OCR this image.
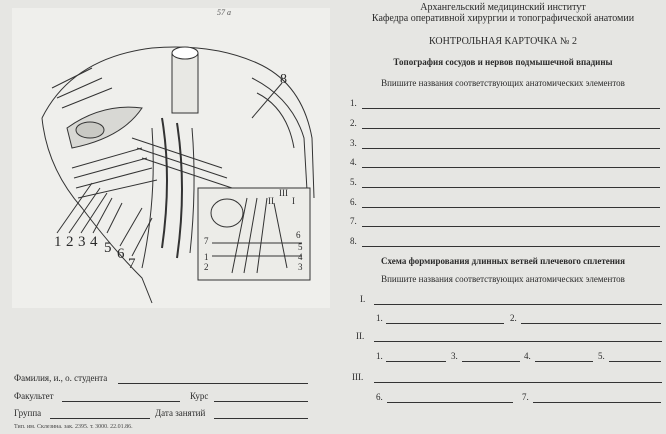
8
1 2 3 4 5 6
7
III
II I
6
5
4
3
7
1
2
57 а	Архангельский медицинский институт
Кафедра оперативной хирургии и топографической анатомии
КОНТРОЛЬНАЯ КАРТОЧКА № 2
Топография сосудов и нервов подмышечной впадины
Впишите названия соответствующих анатомических элементов
1.
2.
3.
4.
5.
6.
7.
8.
Схема формирования длинных ветвей плечевого сплетения
Впишите названия соответствующих анатомических элементов
I.
1.	2.
II.
1.	3.	4.	5.
III.
6.	7.
Фамилия, и., о. студента
Факультет	Курс
Группа	Дата занятий
Тип. им. Склезина. зак. 2395. т. 3000. 22.01.86.
